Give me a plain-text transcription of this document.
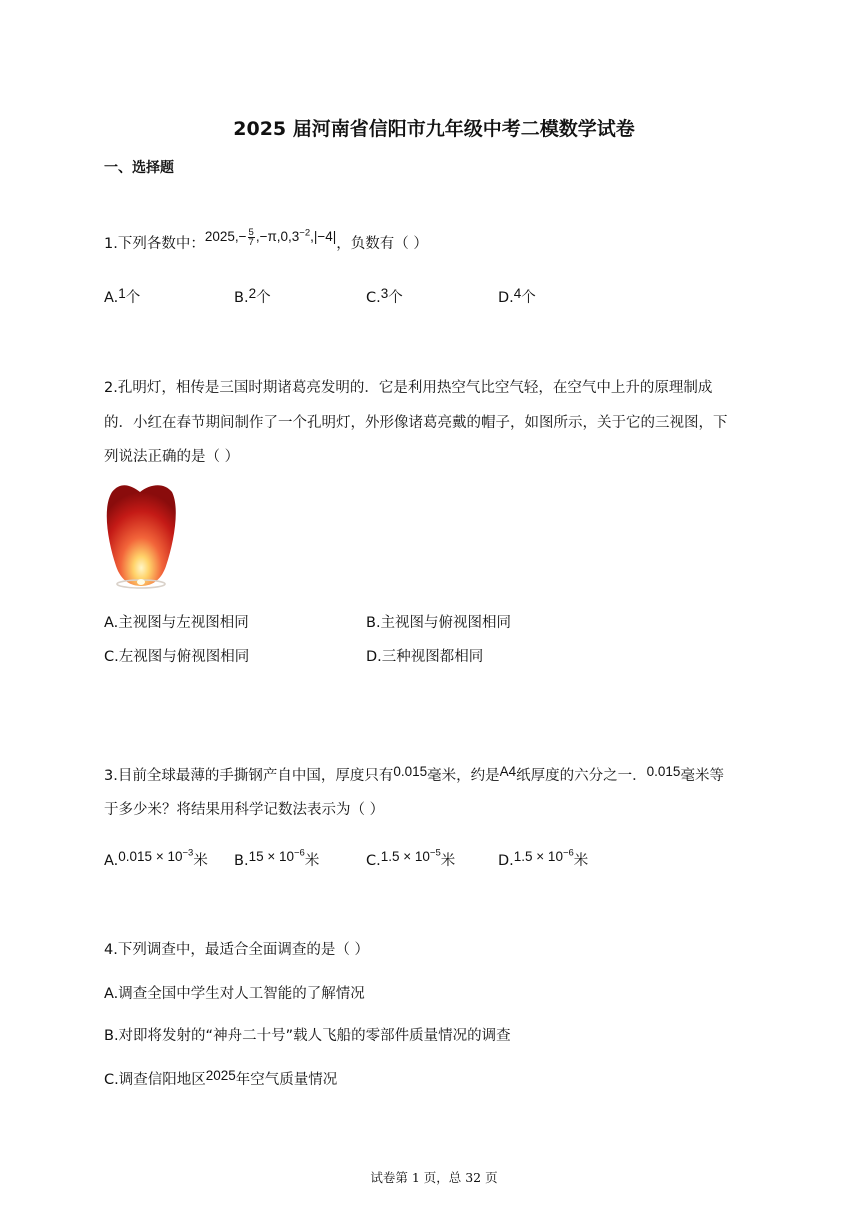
2025 届河南省信阳市九年级中考二模数学试卷
一、选择题
1.下列各数中：$2025,- \frac{5}{7} ,-\pi,0,3^{-2},|-4|$，负数有（ ）
A.1个	B.2个	C.3个	D.4个
2.孔明灯，相传是三国时期诸葛亮发明的．它是利用热空气比空气轻，在空气中上升的原理制成
的．小红在春节期间制作了一个孔明灯，外形像诸葛亮戴的帽子，如图所示，关于它的三视图，下
列说法正确的是（ ）
A.主视图与左视图相同	B.主视图与俯视图相同
C.左视图与俯视图相同	D.三种视图都相同
3.目前全球最薄的手撕钢产自中国，厚度只有0.015毫米，约是A4纸厚度的六分之一．0.015毫米等
于多少米？将结果用科学记数法表示为（ ）
$A.0.015 \times 10^{-3}$米 $B.15 \times 10^{-6}$米	$C.1.5 \times 10^{-5}$米	$D.1.5 \times 10^{-6}$米
4.下列调查中，最适合全面调查的是（ ）
A.调查全国中学生对人工智能的了解情况
B.对即将发射的“神舟二十号”载人飞船的零部件质量情况的调查
C.调查信阳地区2025年空气质量情况
试卷第 1 页，总 32 页
